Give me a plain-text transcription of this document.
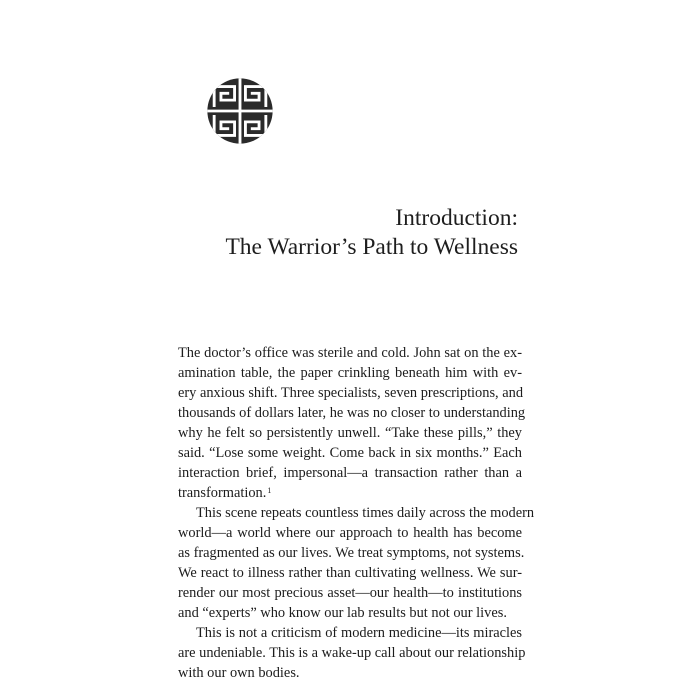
Introduction:
The Warrior’s Path to Wellness
The doctor’s office was sterile and cold. John sat on the ex-
amination table, the paper crinkling beneath him with ev-
ery anxious shift. Three specialists, seven prescriptions, and
thousands of dollars later, he was no closer to understanding
why he felt so persistently unwell. “Take these pills,” they
said. “Lose some weight. Come back in six months.” Each
interaction brief, impersonal—a transaction rather than a
transformation.$^1$
This scene repeats countless times daily across the modern
world—a world where our approach to health has become
as fragmented as our lives. We treat symptoms, not systems.
We react to illness rather than cultivating wellness. We sur-
render our most precious asset—our health—to institutions
and “experts” who know our lab results but not our lives.
This is not a criticism of modern medicine—its miracles
are undeniable. This is a wake-up call about our relationship
with our own bodies.
